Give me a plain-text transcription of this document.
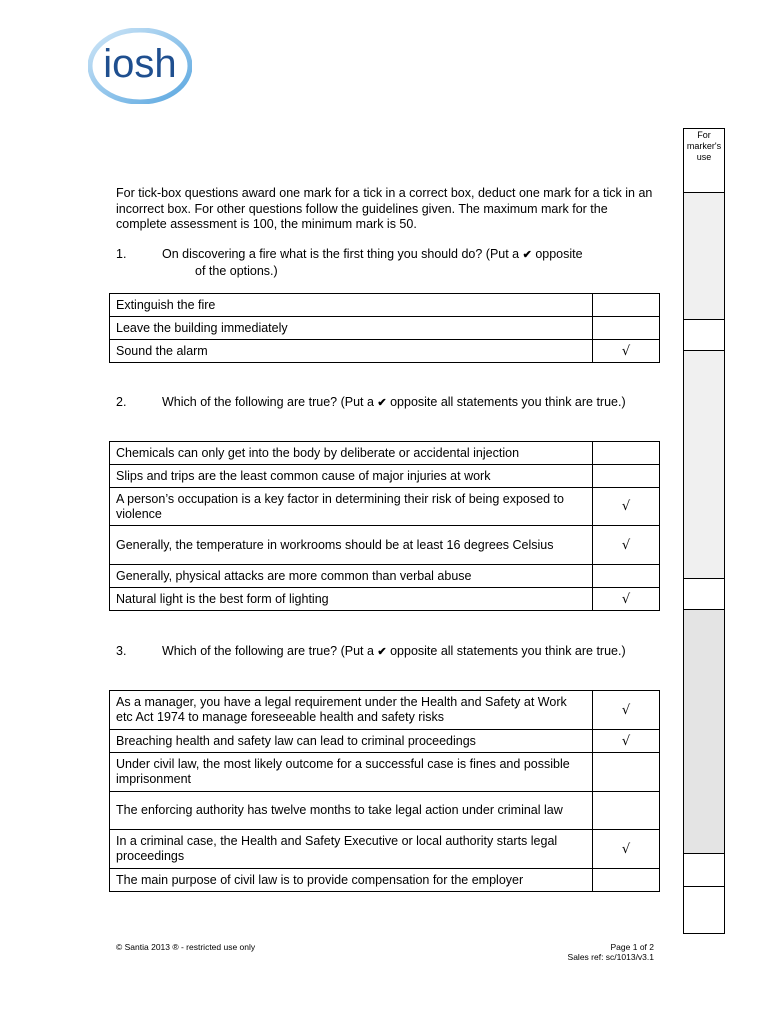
iosh
For marker's use
For tick-box questions award one mark for a tick in a correct box, deduct one mark for a tick in an incorrect box. For other questions follow the guidelines given. The maximum mark for the complete assessment is 100, the minimum mark is 50.
1.	On discovering a fire what is the first thing you should do? (Put a ✔ opposite
of the options.)
Extinguish the fire	
Leave the building immediately	
Sound the alarm	√
2.	Which of the following are true? (Put a ✔ opposite all statements you think are true.)
Chemicals can only get into the body by deliberate or accidental injection	
Slips and trips are the least common cause of major injuries at work	
A person’s occupation is a key factor in determining their risk of being exposed to violence	√
Generally, the temperature in workrooms should be at least 16 degrees Celsius	√
Generally, physical attacks are more common than verbal abuse	
Natural light is the best form of lighting	√
3.	Which of the following are true? (Put a ✔ opposite all statements you think are true.)
As a manager, you have a legal requirement under the Health and Safety at Work etc Act 1974 to manage foreseeable health and safety risks	√
Breaching health and safety law can lead to criminal proceedings	√
Under civil law, the most likely outcome for a successful case is fines and possible imprisonment	
The enforcing authority has twelve months to take legal action under criminal law	
In a criminal case, the Health and Safety Executive or local authority starts legal proceedings	√
The main purpose of civil law is to provide compensation for the employer	
© Santia 2013 ® - restricted use only	Page 1 of 2
Sales ref: sc/1013/v3.1
